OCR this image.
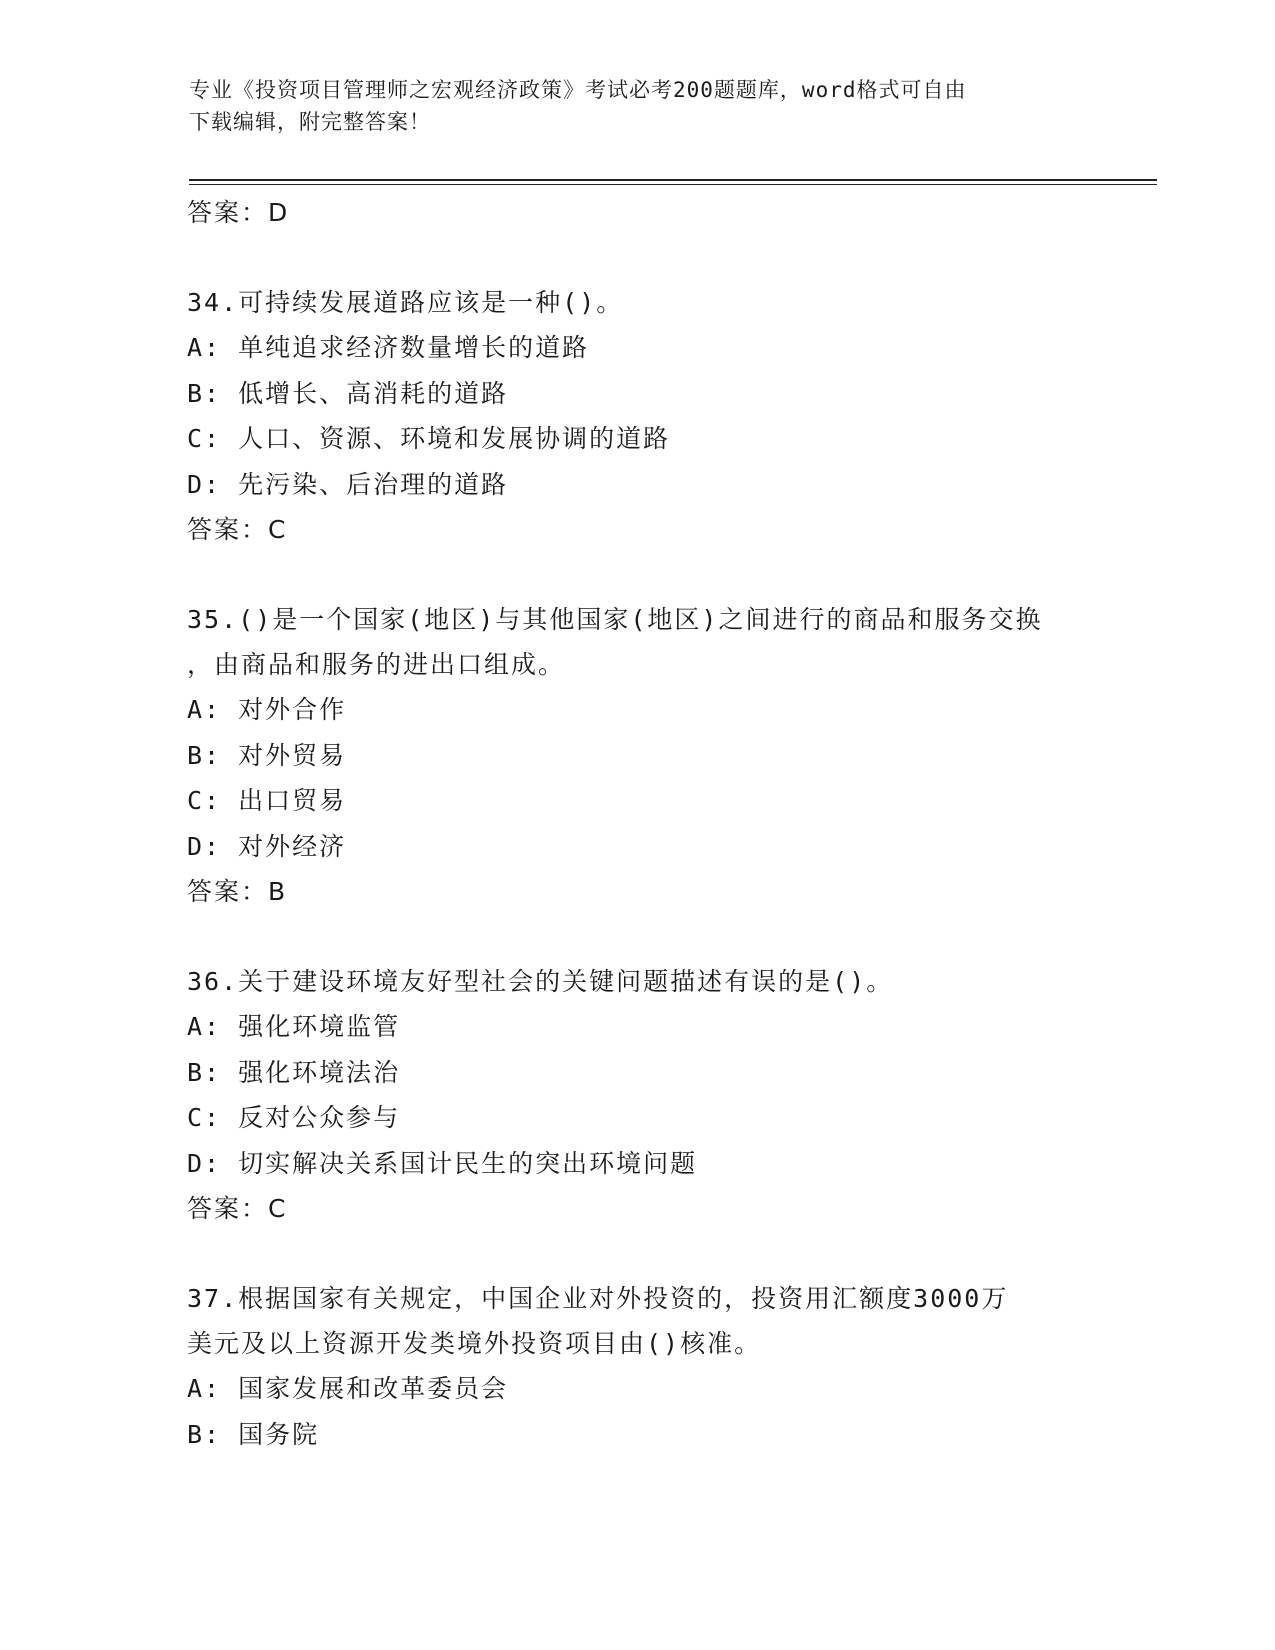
专业《投资项目管理师之宏观经济政策》考试必考200题题库，word格式可自由
下载编辑，附完整答案！

答案：D

34.可持续发展道路应该是一种()。

A: 单纯追求经济数量增长的道路

B: 低增长、高消耗的道路

C: 人口、资源、环境和发展协调的道路

D: 先污染、后治理的道路

答案：C

35.()是一个国家(地区)与其他国家(地区)之间进行的商品和服务交换

，由商品和服务的进出口组成。

A: 对外合作

B: 对外贸易

C: 出口贸易

D: 对外经济

答案：B

36.关于建设环境友好型社会的关键问题描述有误的是()。

A: 强化环境监管

B: 强化环境法治

C: 反对公众参与

D: 切实解决关系国计民生的突出环境问题

答案：C

37.根据国家有关规定，中国企业对外投资的，投资用汇额度3000万

美元及以上资源开发类境外投资项目由()核准。

A: 国家发展和改革委员会

B: 国务院
